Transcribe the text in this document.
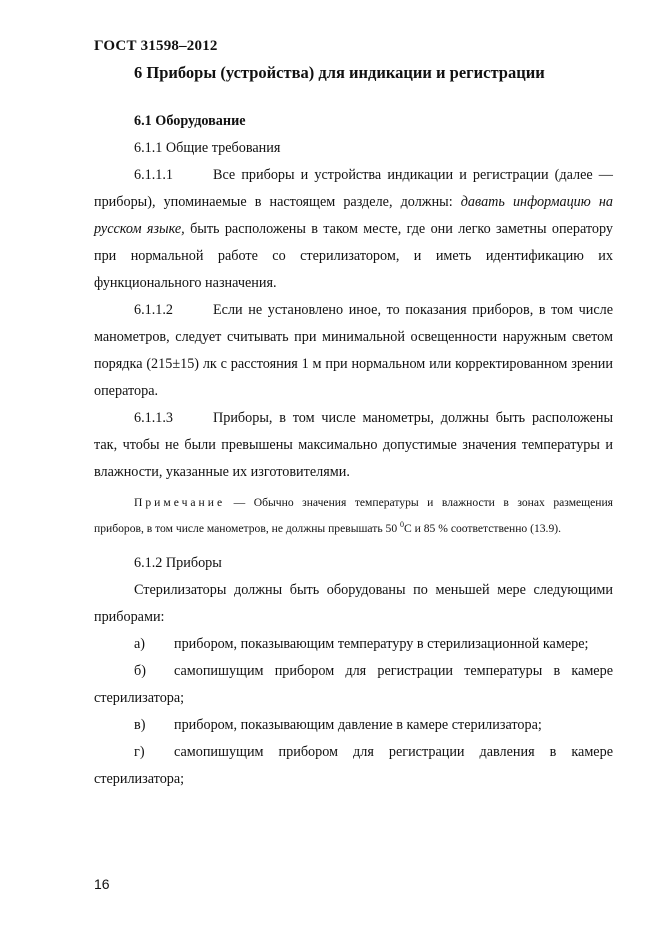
ГОСТ 31598–2012
6 Приборы (устройства) для индикации и регистрации

6.1 Оборудование

6.1.1 Общие требования

6.1.1.1	Все приборы и устройства индикации и регистрации (далее — приборы), упоминаемые в настоящем разделе, должны: давать информацию на русском языке, быть расположены в таком месте, где они легко заметны оператору при нормальной работе со стерилизатором, и иметь идентификацию их функционального назначения.

6.1.1.2	Если не установлено иное, то показания приборов, в том числе манометров, следует считывать при минимальной освещенности наружным светом порядка (215±15) лк с расстояния 1 м при нормальном или корректированном зрении оператора.

6.1.1.3	Приборы, в том числе манометры, должны быть расположены так, чтобы не были превышены максимально допустимые значения температуры и влажности, указанные их изготовителями.

Примечание — Обычно значения температуры и влажности в зонах размещения приборов, в том числе манометров, не должны превышать 50 $^0$С и 85 % соответственно (13.9).

6.1.2 Приборы

Стерилизаторы должны быть оборудованы по меньшей мере следующими приборами:

а) прибором, показывающим температуру в стерилизационной камере;

б) самопишущим прибором для регистрации температуры в камере стерилизатора;

в) прибором, показывающим давление в камере стерилизатора;

г) самопишущим прибором для регистрации давления в камере стерилизатора;

16
